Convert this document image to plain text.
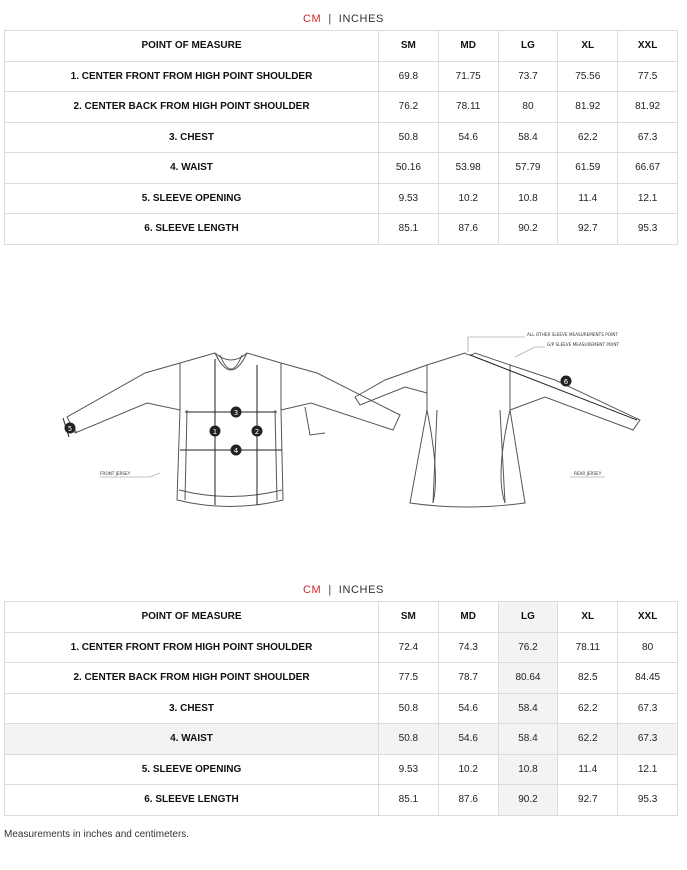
CM | INCHES
POINT OF MEASURE	SM	MD	LG	XL	XXL
1. CENTER FRONT FROM HIGH POINT SHOULDER	69.8	71.75	73.7	75.56	77.5
2. CENTER BACK FROM HIGH POINT SHOULDER	76.2	78.11	80	81.92	81.92
3. CHEST	50.8	54.6	58.4	62.2	67.3
4. WAIST	50.16	53.98	57.79	61.59	66.67
5. SLEEVE OPENING	9.53	10.2	10.8	11.4	12.1
6. SLEEVE LENGTH	85.1	87.6	90.2	92.7	95.3
1	2
3
4
5
6
FRONT JERSEY	REAR JERSEY
ALL OTHER SLEEVE MEASUREMENTS POINT
G/P SLEEVE MEASUREMENT POINT
CM | INCHES
POINT OF MEASURE	SM	MD	LG	XL	XXL
1. CENTER FRONT FROM HIGH POINT SHOULDER	72.4	74.3	76.2	78.11	80
2. CENTER BACK FROM HIGH POINT SHOULDER	77.5	78.7	80.64	82.5	84.45
3. CHEST	50.8	54.6	58.4	62.2	67.3
4. WAIST	50.8	54.6	58.4	62.2	67.3
5. SLEEVE OPENING	9.53	10.2	10.8	11.4	12.1
6. SLEEVE LENGTH	85.1	87.6	90.2	92.7	95.3
Measurements in inches and centimeters.
